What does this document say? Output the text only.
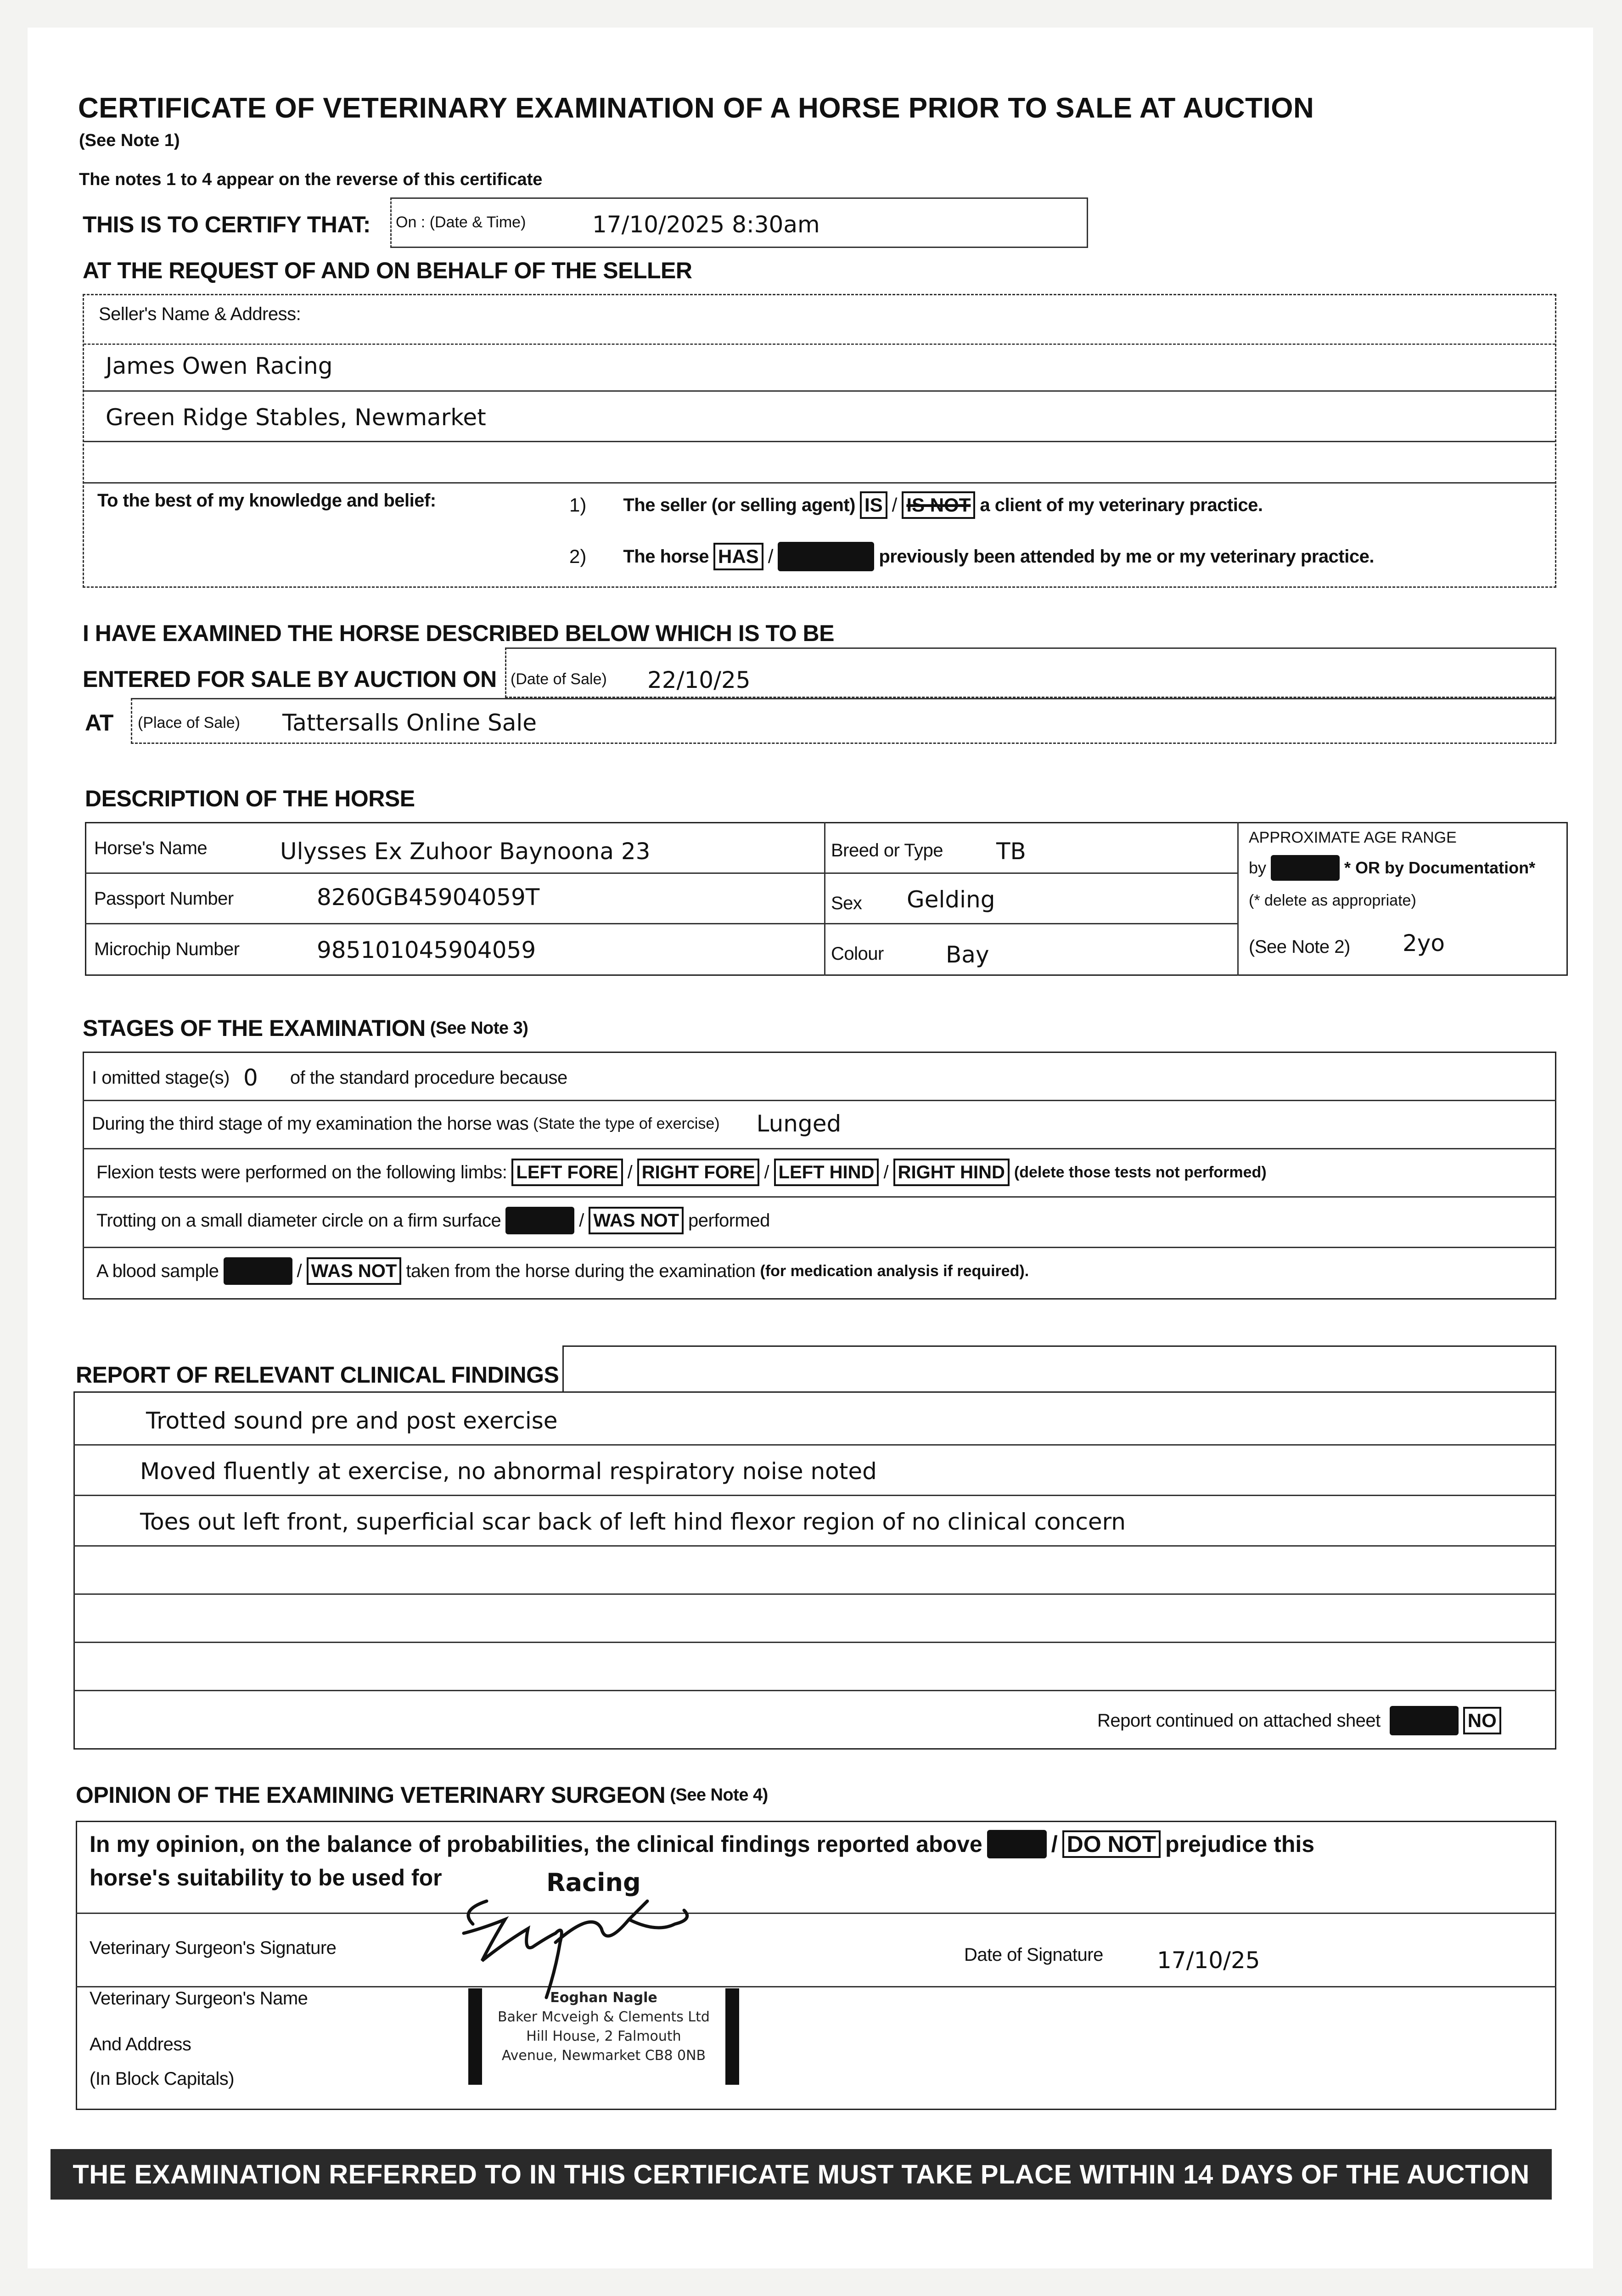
CERTIFICATE OF VETERINARY EXAMINATION OF A HORSE PRIOR TO SALE AT AUCTION
(See Note 1)
The notes 1 to 4 appear on the reverse of this certificate
THIS IS TO CERTIFY THAT: On : (Date & Time)	17/10/2025 8:30am
AT THE REQUEST OF AND ON BEHALF OF THE SELLER
Seller's Name & Address:
James Owen Racing
Green Ridge Stables, Newmarket
To the best of my knowledge and belief:	1) The seller (or selling agent) IS / IS NOT a client of my veterinary practice.
2) The horse HAS /	previously been attended by me or my veterinary practice.
I HAVE EXAMINED THE HORSE DESCRIBED BELOW WHICH IS TO BE
ENTERED FOR SALE BY AUCTION ON (Date of Sale) 22/10/25
AT (Place of Sale) Tattersalls Online Sale
DESCRIPTION OF THE HORSE
Horse's Name	Ulysses Ex Zuhoor Baynoona 23
Passport Number	8260GB45904059T
Microchip Number	985101045904059
Breed or Type TB
Sex Gelding
Colour	Bay
APPROXIMATE AGE RANGE
by	* OR by Documentation*
(* delete as appropriate)
(See Note 2) 2yo
STAGES OF THE EXAMINATION (See Note 3)
I omitted stage(s) 0 of the standard procedure because
During the third stage of my examination the horse was (State the type of exercise) Lunged
Flexion tests were performed on the following limbs: LEFT FORE / RIGHT FORE / LEFT HIND / RIGHT HIND (delete those tests not performed)
Trotting on a small diameter circle on a firm surface	/ WAS NOT performed
A blood sample	/ WAS NOT taken from the horse during the examination (for medication analysis if required).
REPORT OF RELEVANT CLINICAL FINDINGS
Trotted sound pre and post exercise
Moved fluently at exercise, no abnormal respiratory noise noted
Toes out left front, superficial scar back of left hind flexor region of no clinical concern
Report continued on attached sheet	NO
OPINION OF THE EXAMINING VETERINARY SURGEON (See Note 4)
In my opinion, on the balance of probabilities, the clinical findings reported above	/ DO NOT prejudice this
horse's suitability to be used for	Racing
Veterinary Surgeon's Signature	Date of Signature 17/10/25
Veterinary Surgeon's Name
And Address
(In Block Capitals)
Eoghan Nagle
Baker Mcveigh & Clements Ltd
Hill House, 2 Falmouth
Avenue, Newmarket CB8 0NB
THE EXAMINATION REFERRED TO IN THIS CERTIFICATE MUST TAKE PLACE WITHIN 14 DAYS OF THE AUCTION
